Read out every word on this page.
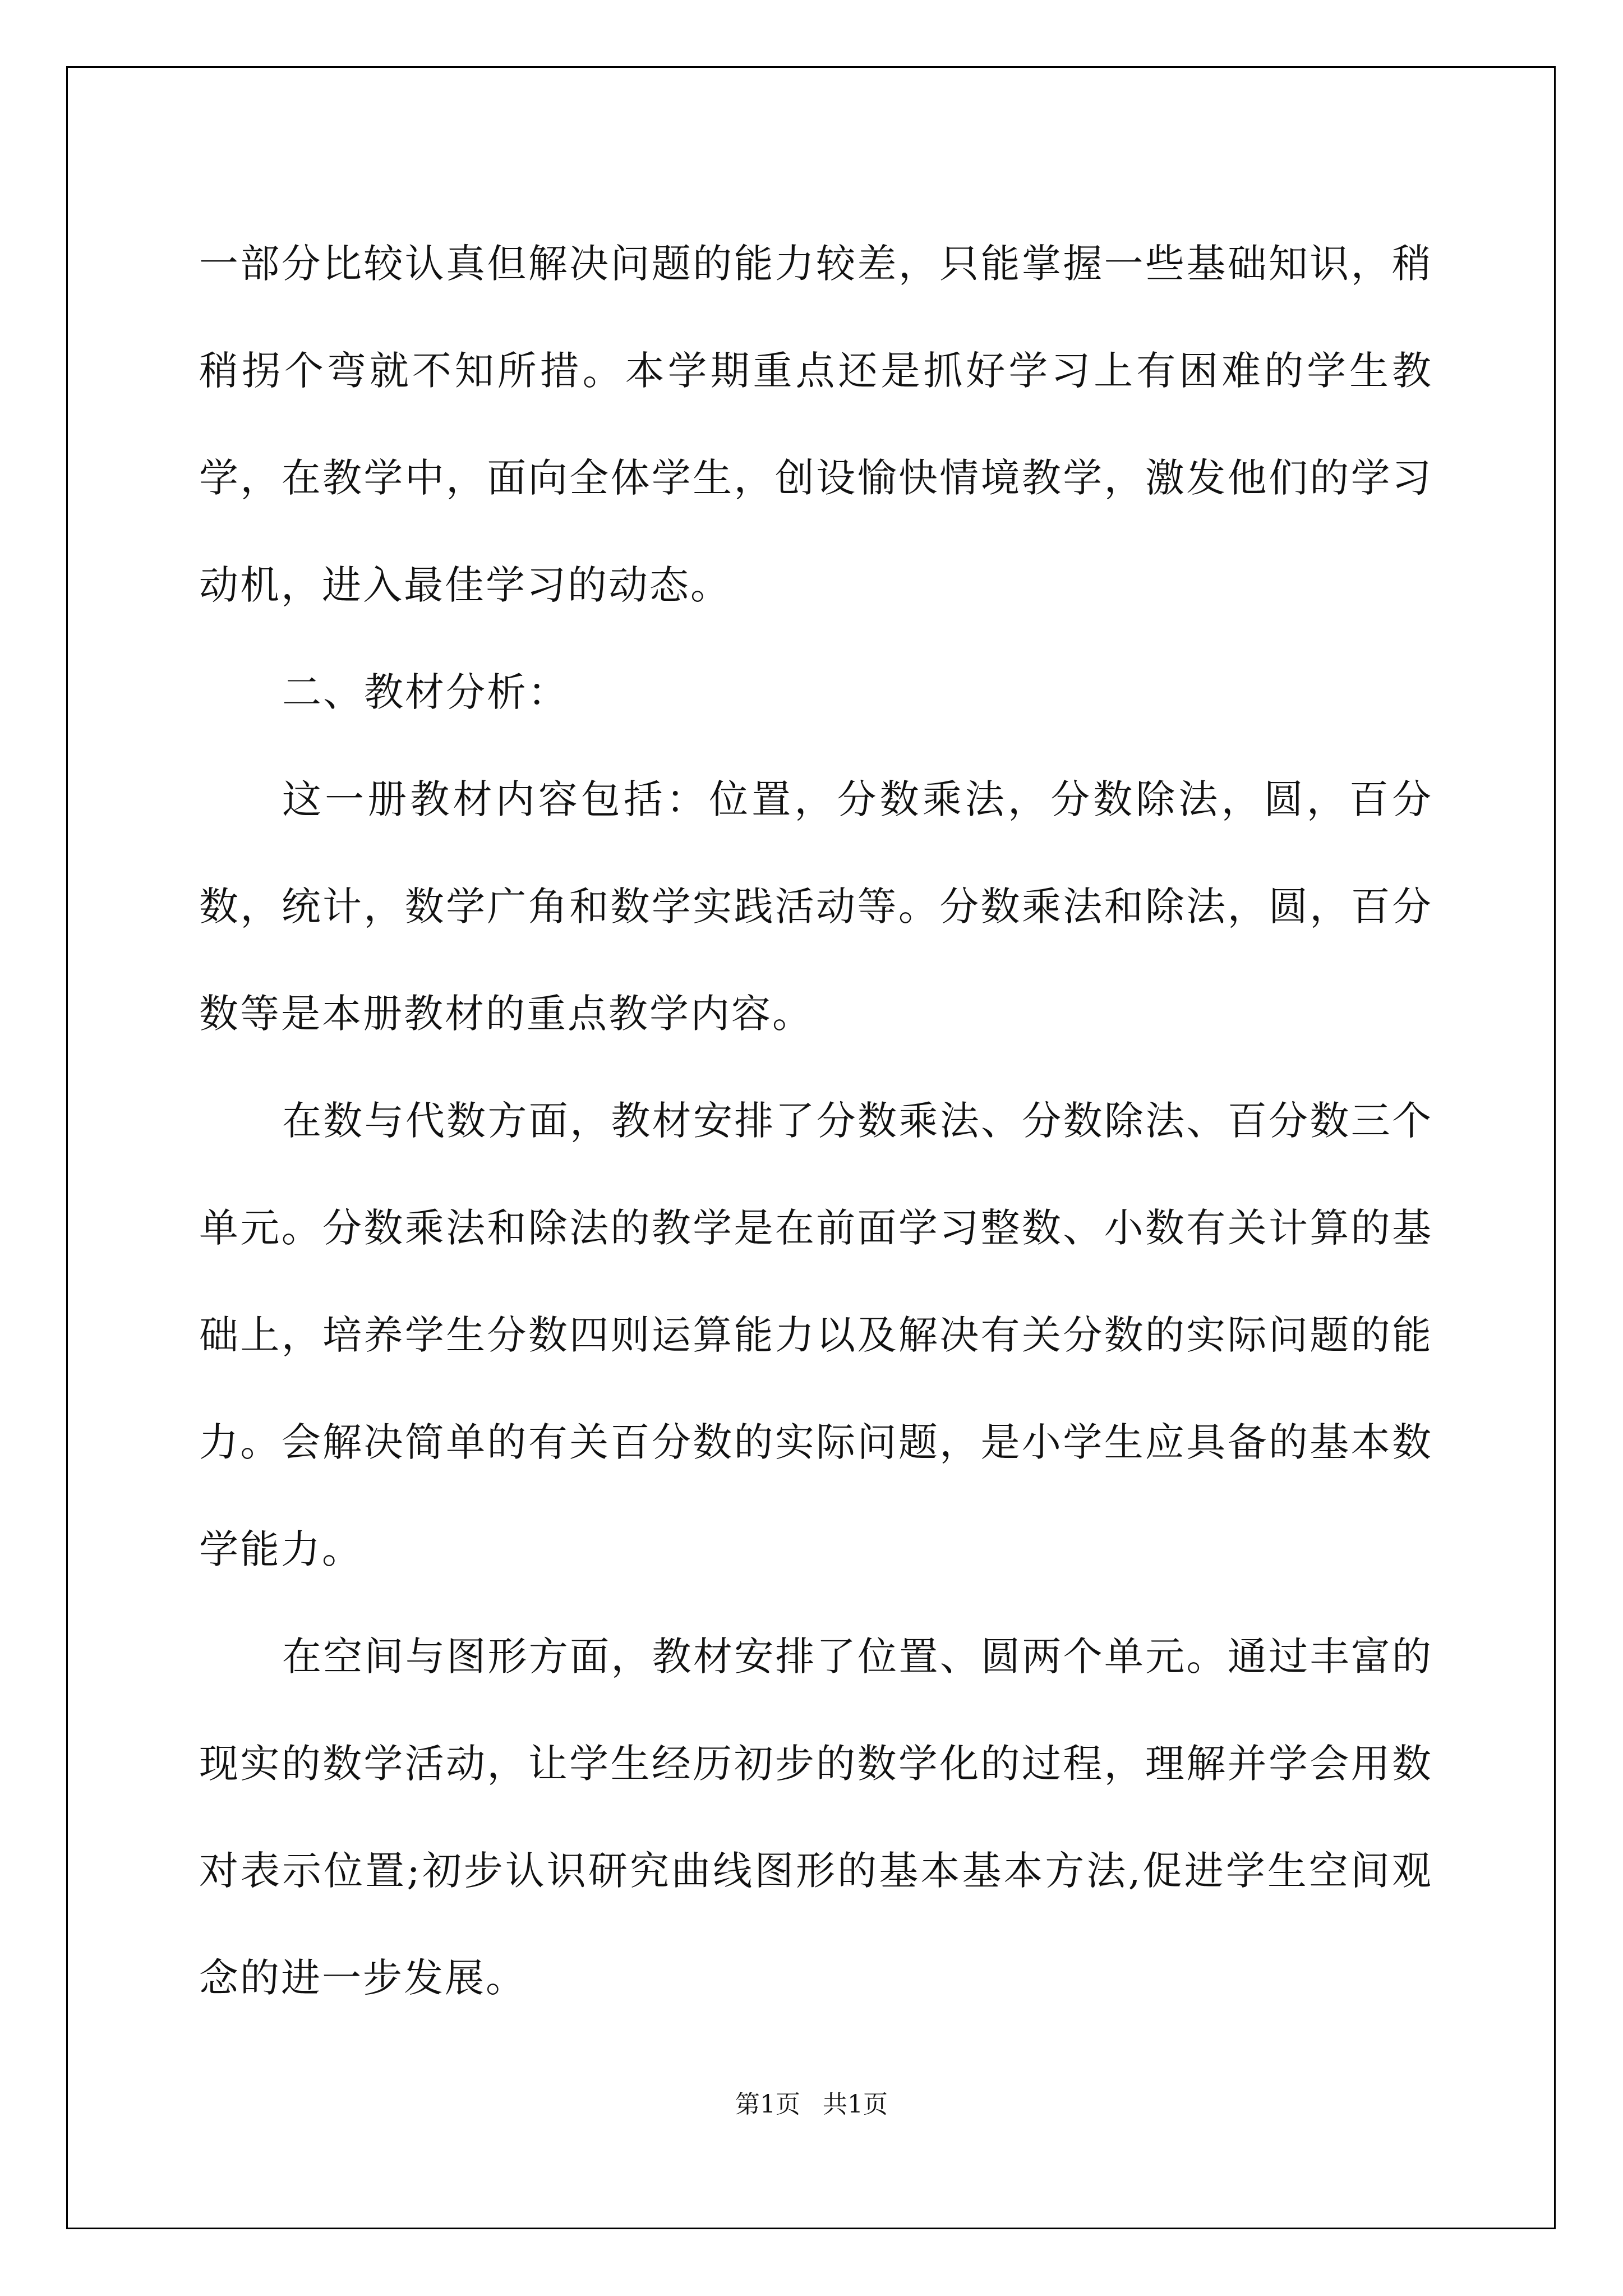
一部分比较认真但解决问题的能力较差，只能掌握一些基础知识，稍稍拐个弯就不知所措。本学期重点还是抓好学习上有困难的学生教学，在教学中，面向全体学生，创设愉快情境教学，激发他们的学习动机，进入最佳学习的动态。

二、教材分析：

这一册教材内容包括：位置，分数乘法，分数除法，圆，百分数，统计，数学广角和数学实践活动等。分数乘法和除法，圆，百分数等是本册教材的重点教学内容。

在数与代数方面，教材安排了分数乘法、分数除法、百分数三个单元。分数乘法和除法的教学是在前面学习整数、小数有关计算的基础上，培养学生分数四则运算能力以及解决有关分数的实际问题的能力。会解决简单的有关百分数的实际问题，是小学生应具备的基本数学能力。

在空间与图形方面，教材安排了位置、圆两个单元。通过丰富的现实的数学活动，让学生经历初步的数学化的过程，理解并学会用数对表示位置;初步认识研究曲线图形的基本基本方法,促进学生空间观念的进一步发展。

第1页 共1页
